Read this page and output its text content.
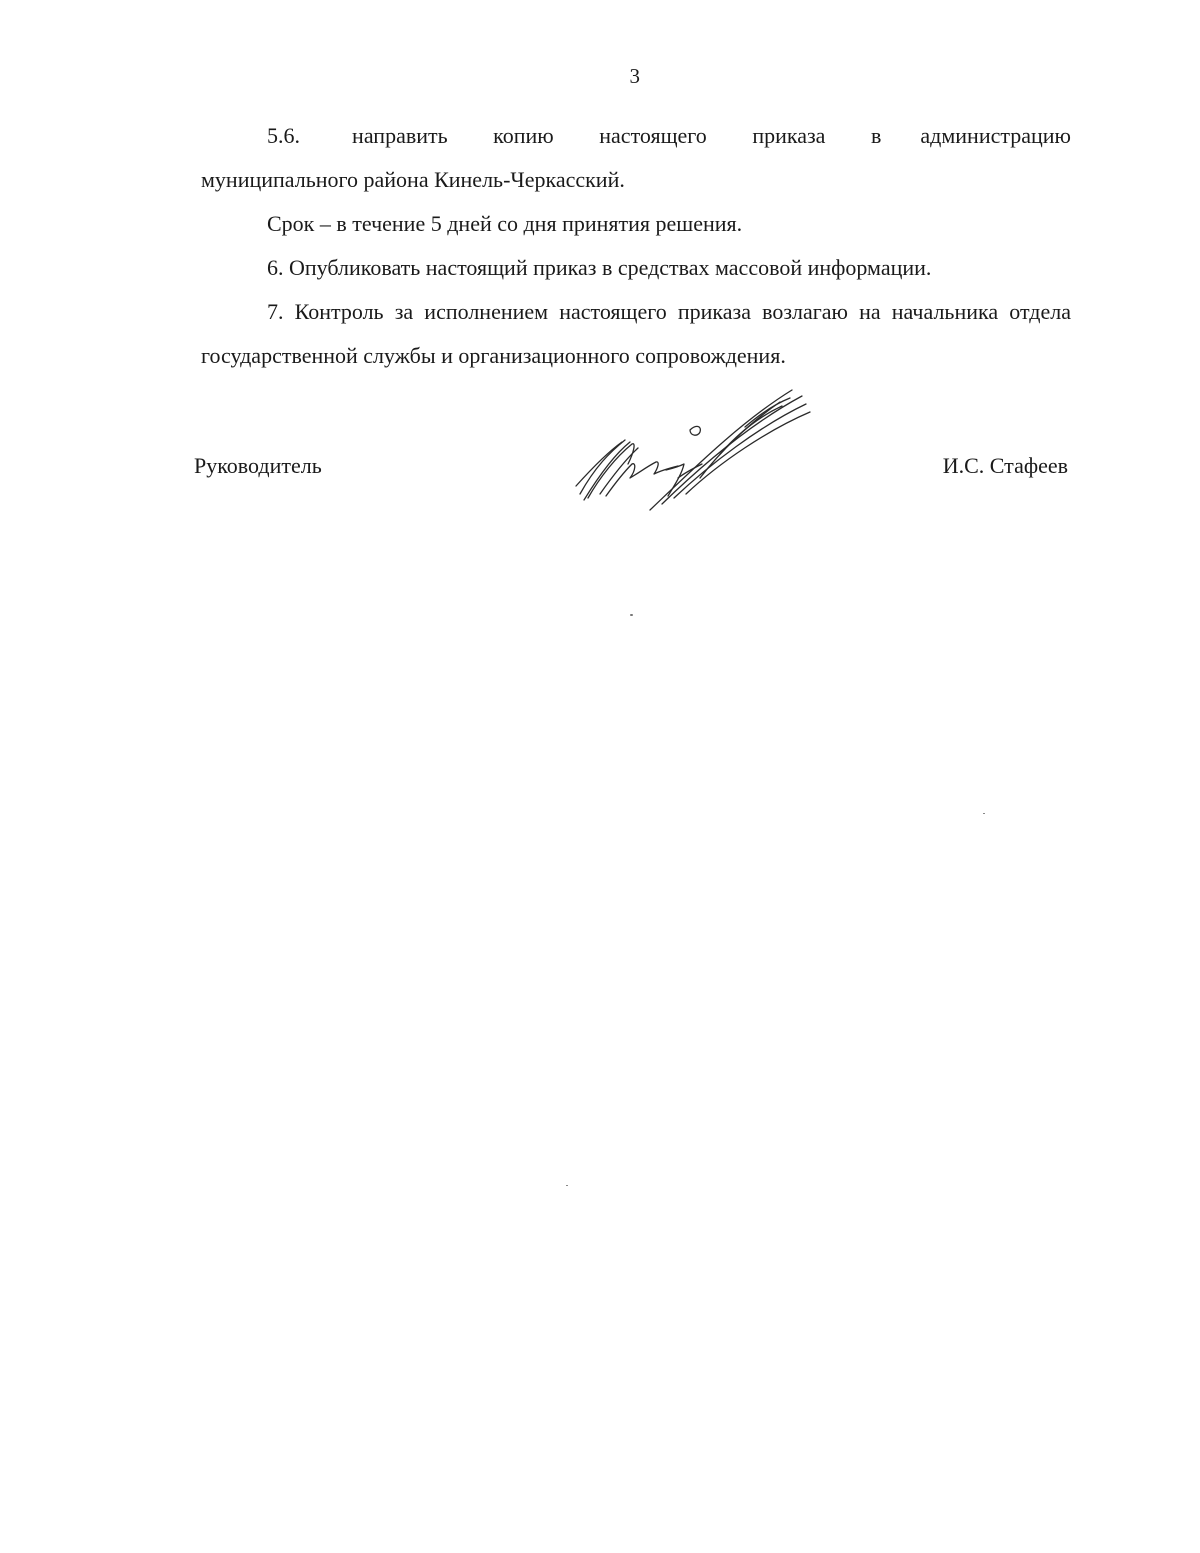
3

5.6.        направить       копию       настоящего       приказа       в      администрацию муниципального района Кинель-Черкасский.

Срок – в течение 5 дней со дня принятия решения.

6. Опубликовать настоящий приказ в средствах массовой информации.

7. Контроль за исполнением настоящего приказа возлагаю на начальника отдела государственной службы и организационного сопровождения.

Руководитель	И.С. Стафеев
